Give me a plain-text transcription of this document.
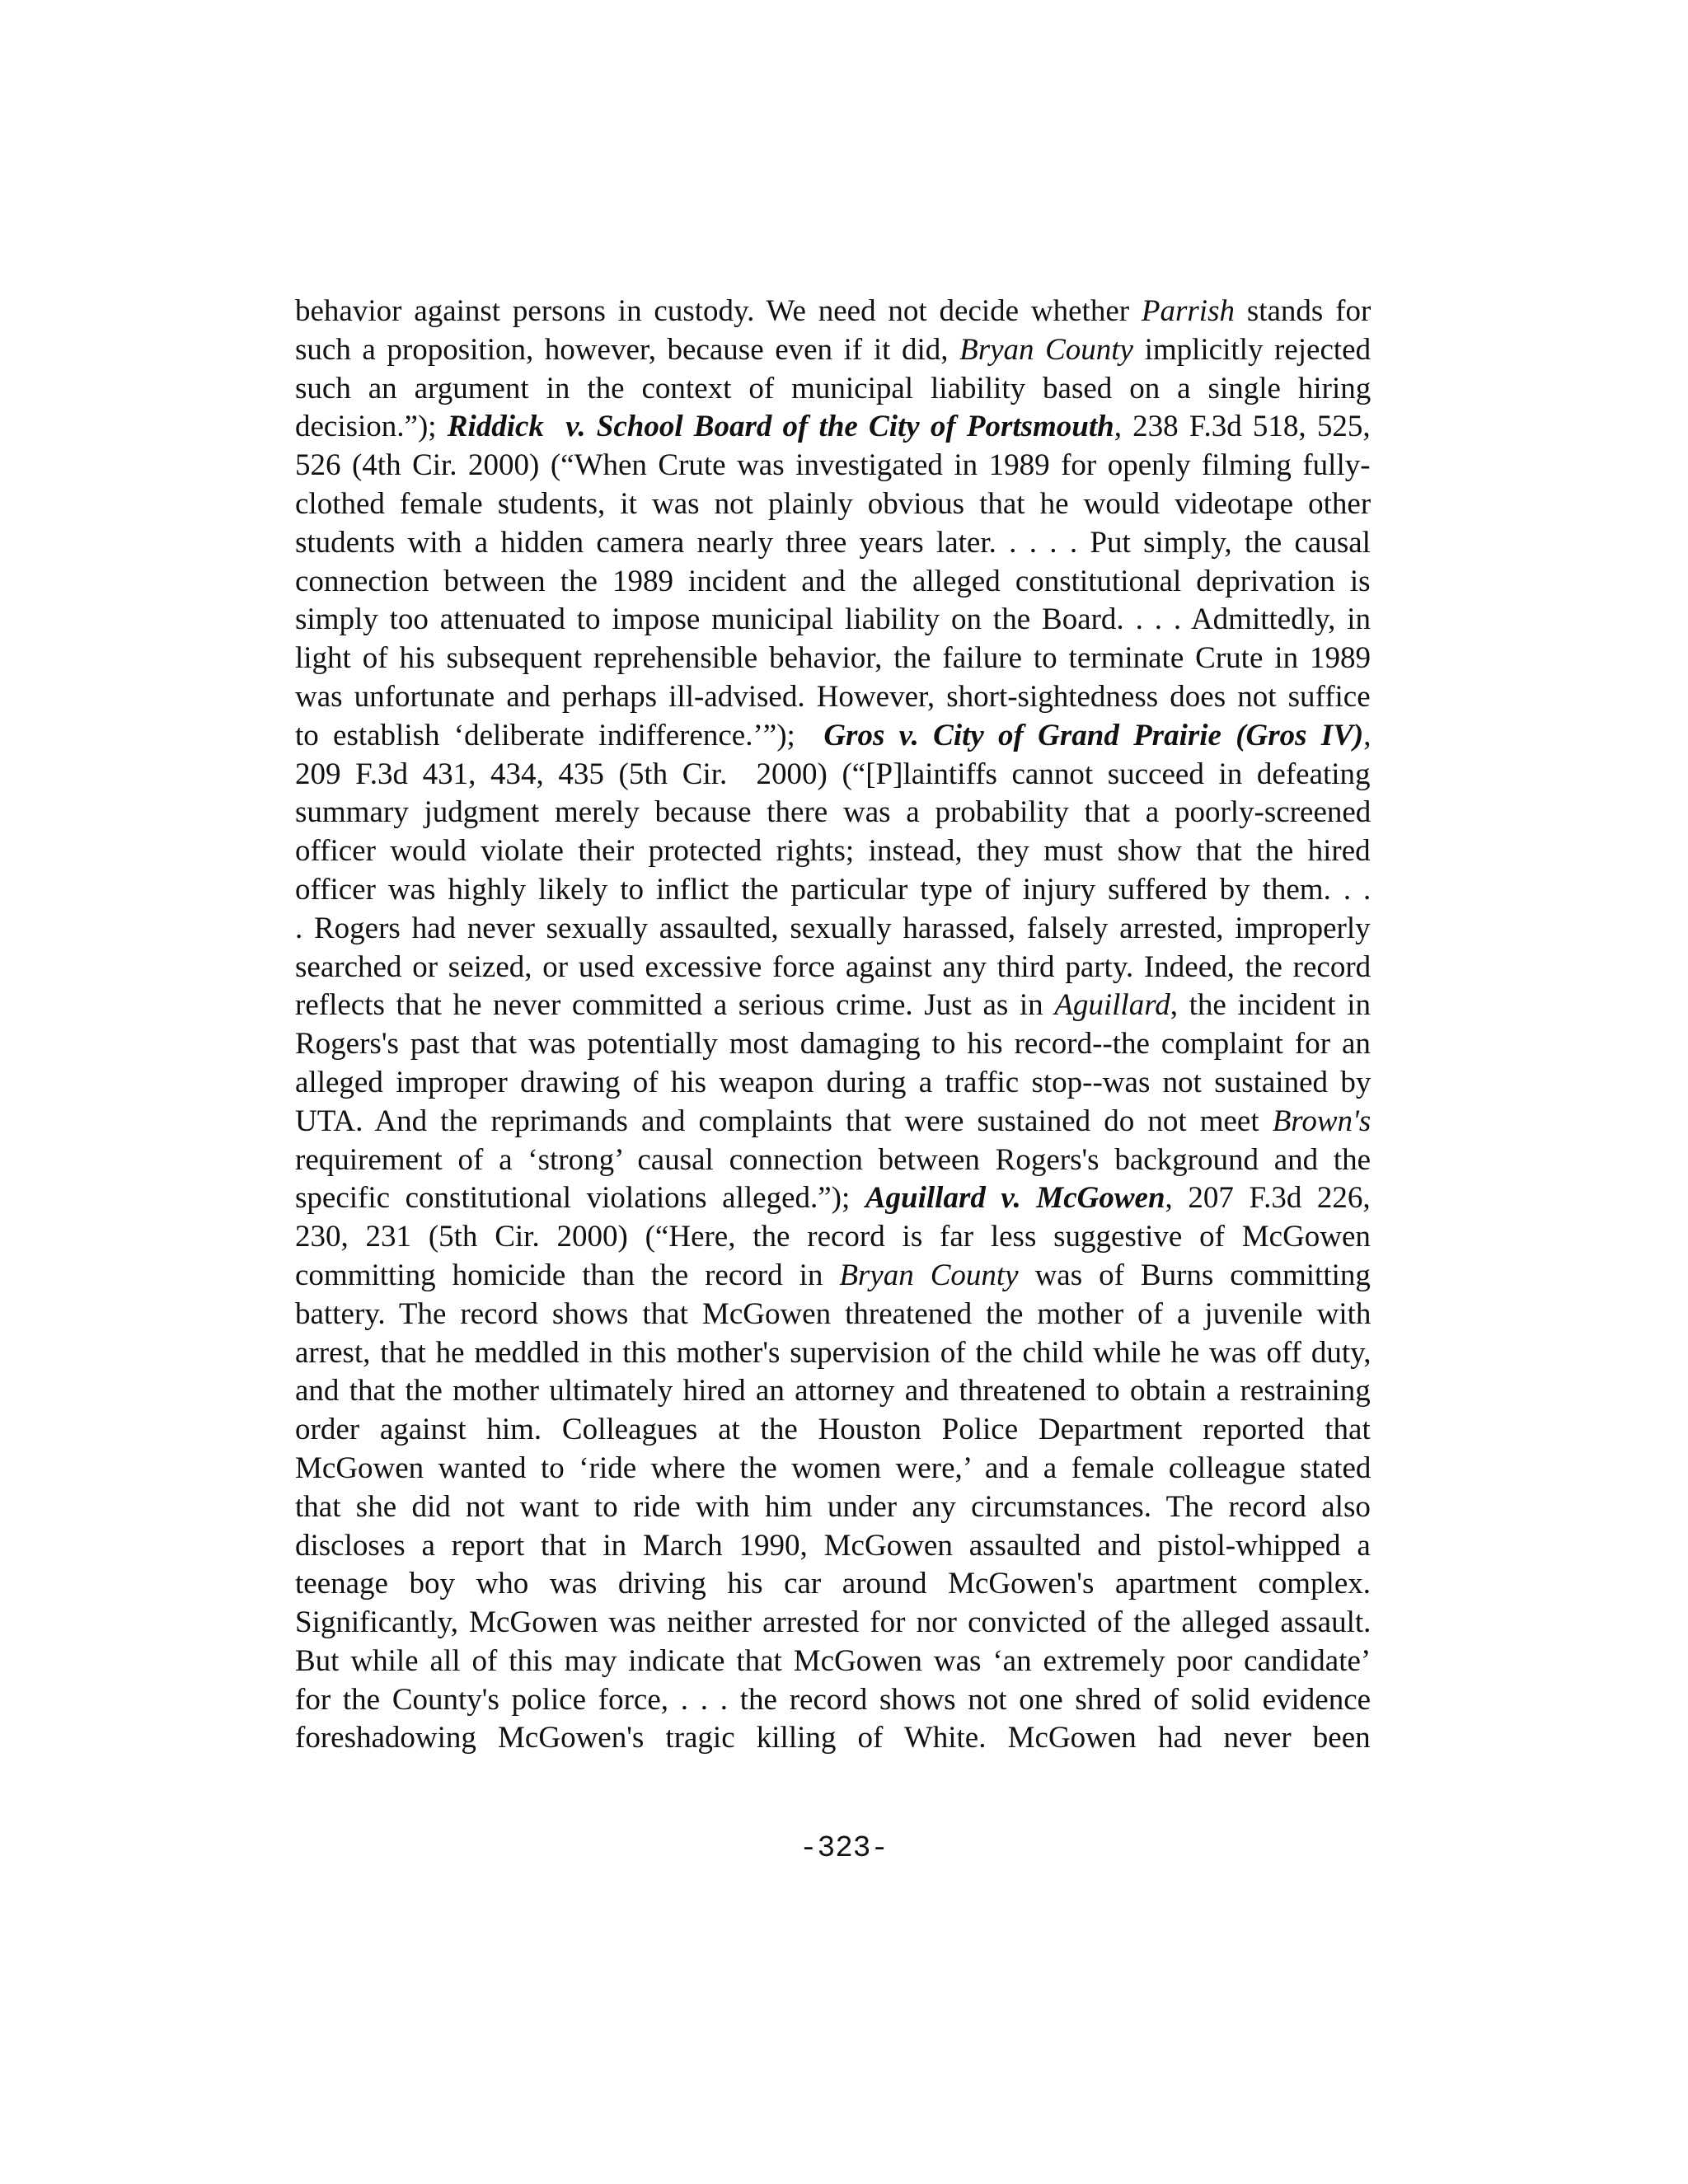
behavior against persons in custody. We need not decide whether Parrish stands for
such a proposition, however, because even if it did, Bryan County implicitly rejected
such an argument in the context of municipal liability based on a single hiring
decision.”); Riddick  v. School Board of the City of Portsmouth, 238 F.3d 518, 525,
526 (4th Cir. 2000) (“When Crute was investigated in 1989 for openly filming fully-
clothed female students, it was not plainly obvious that he would videotape other
students with a hidden camera nearly three years later. . . . . Put simply, the causal
connection between the 1989 incident and the alleged constitutional deprivation is
simply too attenuated to impose municipal liability on the Board. . . . Admittedly, in
light of his subsequent reprehensible behavior, the failure to terminate Crute in 1989
was unfortunate and perhaps ill-advised. However, short-sightedness does not suffice
to establish ‘deliberate indifference.’”);  Gros v. City of Grand Prairie (Gros IV),
209 F.3d 431, 434, 435 (5th Cir.  2000) (“[P]laintiffs cannot succeed in defeating
summary judgment merely because there was a probability that a poorly-screened
officer would violate their protected rights; instead, they must show that the hired
officer was highly likely to inflict the particular type of injury suffered by them. . .
. Rogers had never sexually assaulted, sexually harassed, falsely arrested, improperly
searched or seized, or used excessive force against any third party. Indeed, the record
reflects that he never committed a serious crime. Just as in Aguillard, the incident in
Rogers's past that was potentially most damaging to his record--the complaint for an
alleged improper drawing of his weapon during a traffic stop--was not sustained by
UTA. And the reprimands and complaints that were sustained do not meet Brown's
requirement of a ‘strong’ causal connection between Rogers's background and the
specific constitutional violations alleged.”); Aguillard v. McGowen, 207 F.3d 226,
230, 231 (5th Cir. 2000) (“Here, the record is far less suggestive of McGowen
committing homicide than the record in Bryan County was of Burns committing
battery. The record shows that McGowen threatened the mother of a juvenile with
arrest, that he meddled in this mother's supervision of the child while he was off duty,
and that the mother ultimately hired an attorney and threatened to obtain a restraining
order against him. Colleagues at the Houston Police Department reported that
McGowen wanted to ‘ride where the women were,’ and a female colleague stated
that she did not want to ride with him under any circumstances. The record also
discloses a report that in March 1990, McGowen assaulted and pistol-whipped a
teenage boy who was driving his car around McGowen's apartment complex.
Significantly, McGowen was neither arrested for nor convicted of the alleged assault.
But while all of this may indicate that McGowen was ‘an extremely poor candidate’
for the County's police force, . . . the record shows not one shred of solid evidence
foreshadowing McGowen's tragic killing of White. McGowen had never been
-323-
